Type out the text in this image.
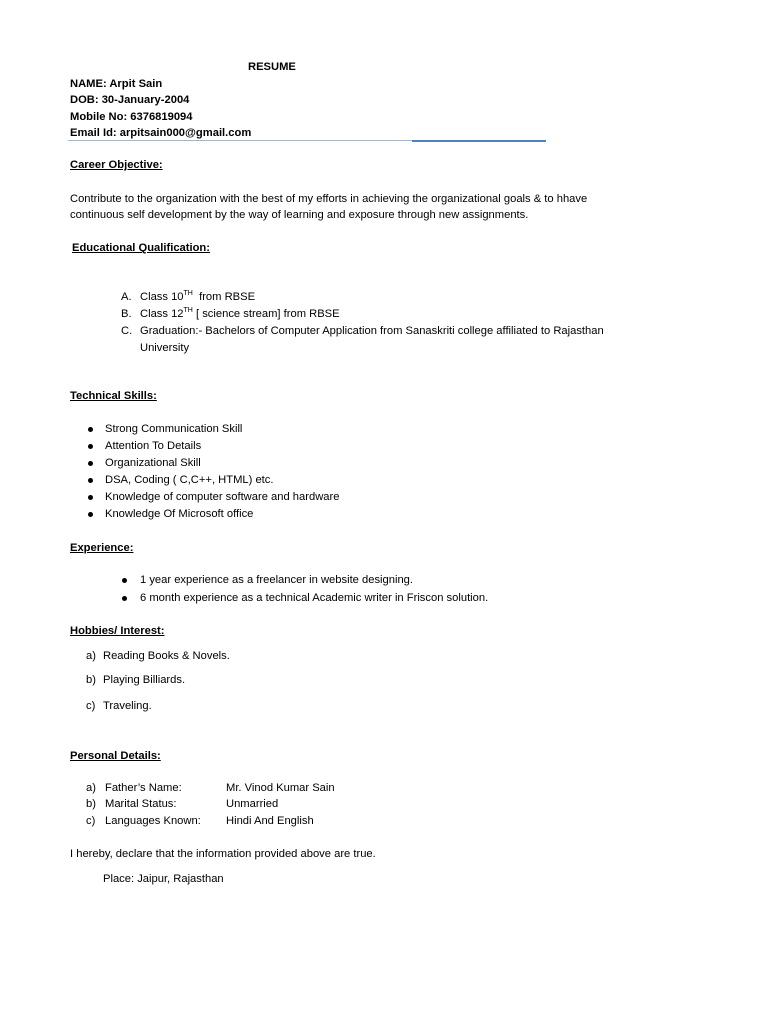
RESUME
NAME: Arpit Sain
DOB: 30-January-2004
Mobile No: 6376819094
Email Id: arpitsain000@gmail.com
Career Objective:
Contribute to the organization with the best of my efforts in achieving the organizational goals & to hhave
continuous self development by the way of learning and exposure through new assignments.
Educational Qualification:
A. Class 10TH  from RBSE
B. Class 12TH [ science stream] from RBSE
C. Graduation:- Bachelors of Computer Application from Sanaskriti college affiliated to Rajasthan
University
Technical Skills:
Strong Communication Skill
Attention To Details
Organizational Skill
DSA, Coding ( C,C++, HTML) etc.
Knowledge of computer software and hardware
Knowledge Of Microsoft office
Experience:
1 year experience as a freelancer in website designing.
6 month experience as a technical Academic writer in Friscon solution.
Hobbies/ Interest:
a) Reading Books & Novels.
b) Playing Billiards.
c) Traveling.
Personal Details:
a) Father’s Name:	Mr. Vinod Kumar Sain
b) Marital Status:	Unmarried
c) Languages Known: Hindi And English
I hereby, declare that the information provided above are true.
Place: Jaipur, Rajasthan
